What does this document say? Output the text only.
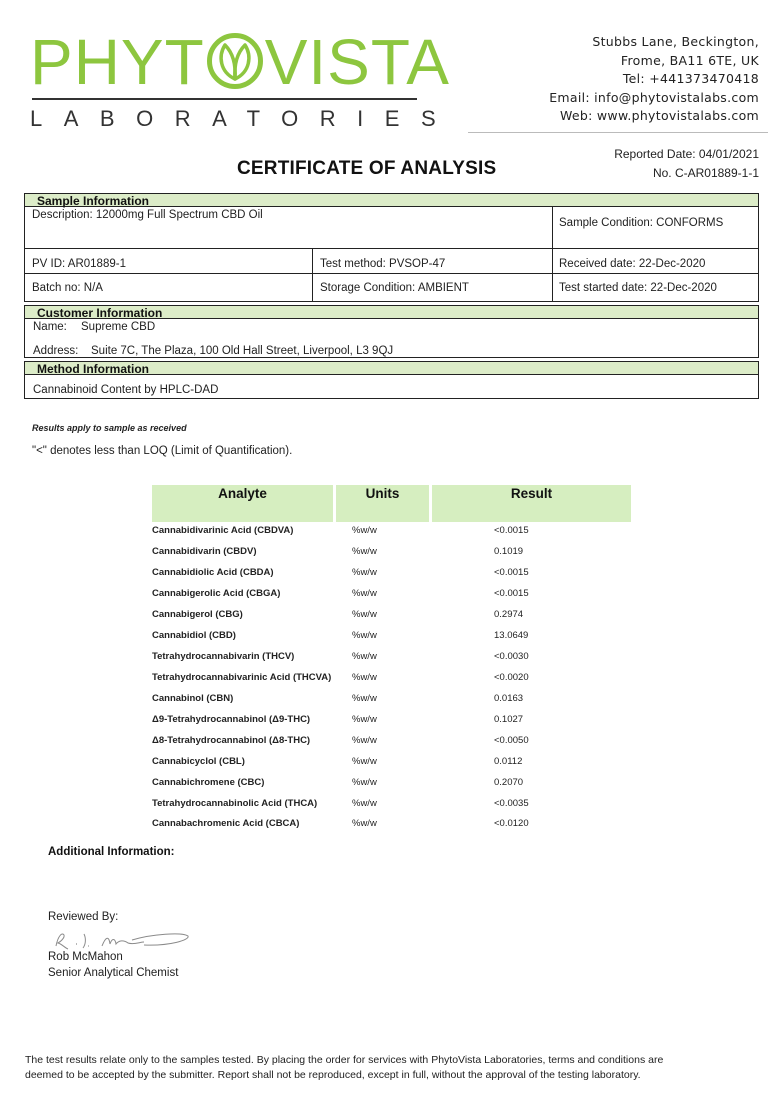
PHYT VISTA
LABORATORIES
Stubbs Lane, Beckington,
Frome, BA11 6TE, UK
Tel: +441373470418
Email: info@phytovistalabs.com
Web: www.phytovistalabs.com
Reported Date: 04/01/2021
No. C-AR01889-1-1
CERTIFICATE OF ANALYSIS
Sample Information
Description: 12000mg Full Spectrum CBD Oil
Sample Condition: CONFORMS
PV ID: AR01889-1	Test method: PVSOP-47	Received date: 22-Dec-2020
Batch no: N/A	Storage Condition: AMBIENT	Test started date: 22-Dec-2020
Customer Information
Name: Supreme CBD
Address: Suite 7C, The Plaza, 100 Old Hall Street, Liverpool, L3 9QJ
Method Information
Cannabinoid Content by HPLC-DAD
Results apply to sample as received
"<" denotes less than LOQ (Limit of Quantification).
Analyte	Units	Result
Cannabidivarinic Acid (CBDVA)	%w/w	<0.0015
Cannabidivarin (CBDV)	%w/w	0.1019
Cannabidiolic Acid (CBDA)	%w/w	<0.0015
Cannabigerolic Acid (CBGA)	%w/w	<0.0015
Cannabigerol (CBG)	%w/w	0.2974
Cannabidiol (CBD)	%w/w	13.0649
Tetrahydrocannabivarin (THCV)	%w/w	<0.0030
Tetrahydrocannabivarinic Acid (THCVA) %w/w	<0.0020
Cannabinol (CBN)	%w/w	0.0163
Δ9-Tetrahydrocannabinol (Δ9-THC)	%w/w	0.1027
Δ8-Tetrahydrocannabinol (Δ8-THC)	%w/w	<0.0050
Cannabicyclol (CBL)	%w/w	0.0112
Cannabichromene (CBC)	%w/w	0.2070
Tetrahydrocannabinolic Acid (THCA)	%w/w	<0.0035
Cannabachromenic Acid (CBCA)	%w/w	<0.0120
Additional Information:
Reviewed By:
Rob McMahon
Senior Analytical Chemist
The test results relate only to the samples tested. By placing the order for services with PhytoVista Laboratories, terms and conditions are
deemed to be accepted by the submitter. Report shall not be reproduced, except in full, without the approval of the testing laboratory.
